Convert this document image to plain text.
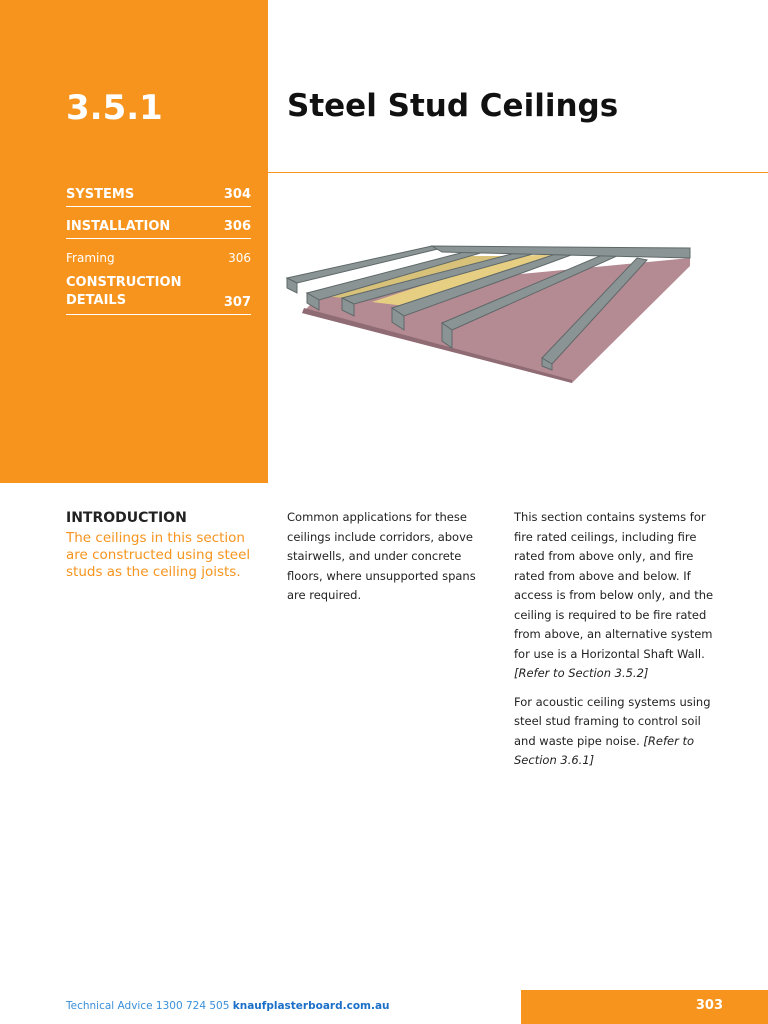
3.5.1
SYSTEMS	304
INSTALLATION	306
Framing	306
CONSTRUCTION DETAILS	307
Steel Stud Ceilings
INTRODUCTION
The ceilings in this section are constructed using steel studs as the ceiling joists.

Common applications for these ceilings include corridors, above stairwells, and under concrete floors, where unsupported spans are required.

This section contains systems for fire rated ceilings, including fire rated from above only, and fire rated from above and below. If access is from below only, and the ceiling is required to be fire rated from above, an alternative system for use is a Horizontal Shaft Wall. [Refer to Section 3.5.2]

For acoustic ceiling systems using steel stud framing to control soil and waste pipe noise. [Refer to Section 3.6.1]

Technical Advice 1300 724 505 knaufplasterboard.com.au	303
